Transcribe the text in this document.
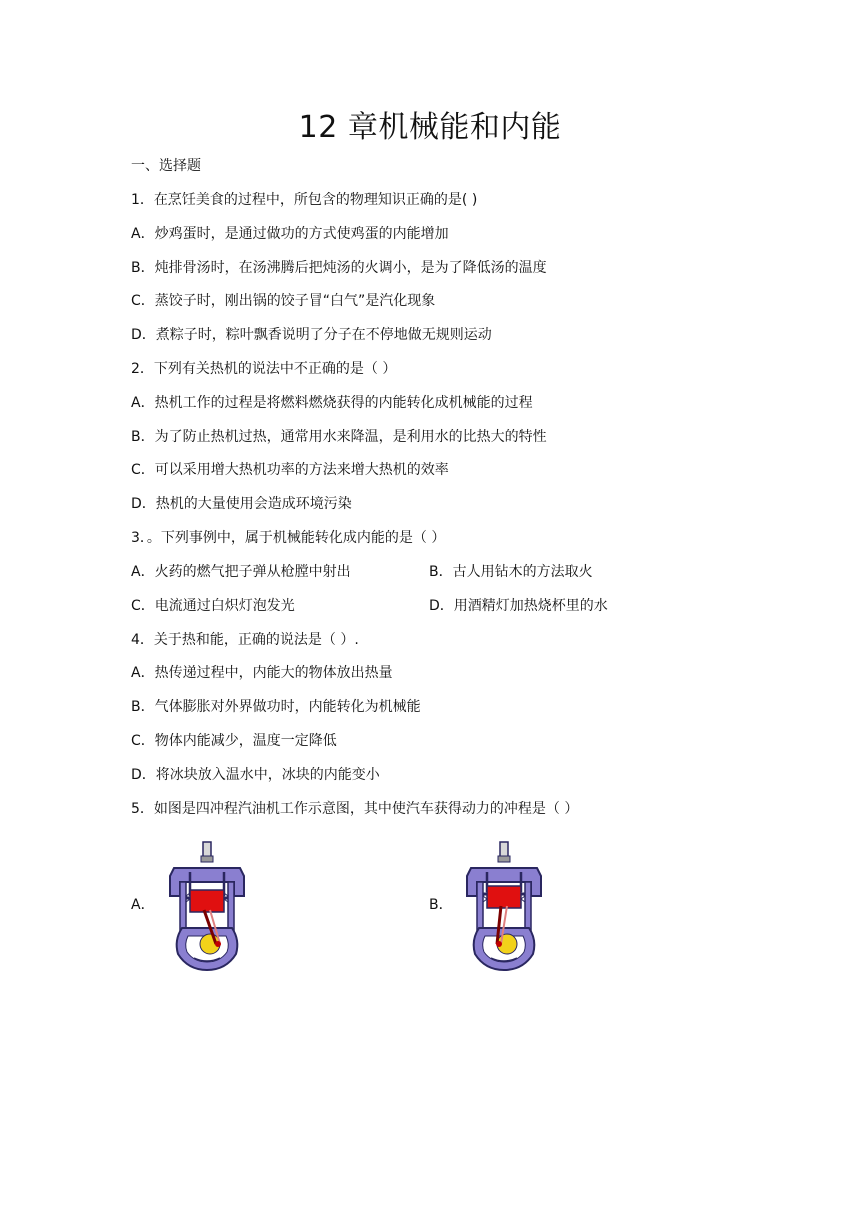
12 章机械能和内能
一、选择题
1．在烹饪美食的过程中，所包含的物理知识正确的是( )
A．炒鸡蛋时，是通过做功的方式使鸡蛋的内能增加
B．炖排骨汤时，在汤沸腾后把炖汤的火调小，是为了降低汤的温度
C．蒸饺子时，刚出锅的饺子冒“白气”是汽化现象
D．煮粽子时，粽叶飘香说明了分子在不停地做无规则运动
2．下列有关热机的说法中不正确的是（ ）
A．热机工作的过程是将燃料燃烧获得的内能转化成机械能的过程
B．为了防止热机过热，通常用水来降温，是利用水的比热大的特性
C．可以采用增大热机功率的方法来增大热机的效率
D．热机的大量使用会造成环境污染
3．。下列事例中，属于机械能转化成内能的是（ ）
A．火药的燃气把子弹从枪膛中射出	B．古人用钻木的方法取火
C．电流通过白炽灯泡发光	D．用酒精灯加热烧杯里的水
4．关于热和能，正确的说法是（ ）.
A．热传递过程中，内能大的物体放出热量
B．气体膨胀对外界做功时，内能转化为机械能
C．物体内能减少，温度一定降低
D．将冰块放入温水中，冰块的内能变小
5．如图是四冲程汽油机工作示意图，其中使汽车获得动力的冲程是（ ）
A．	B．
